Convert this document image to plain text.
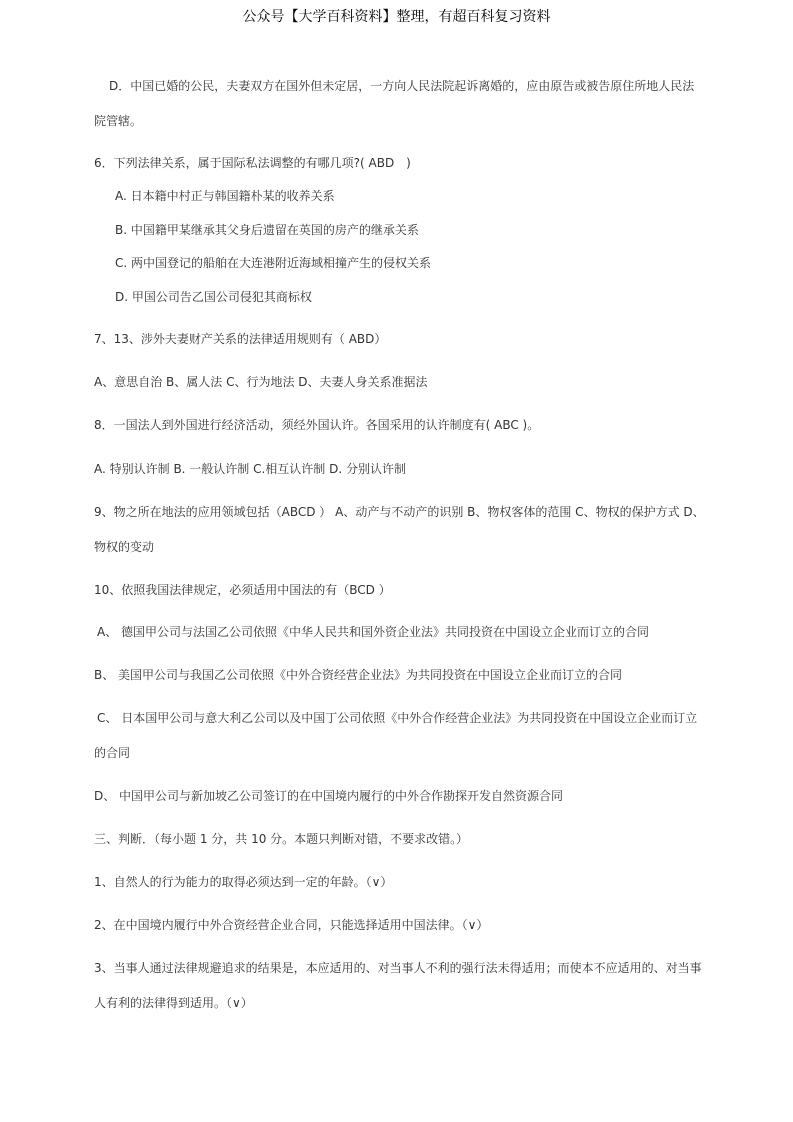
公众号【大学百科资料】整理，有超百科复习资料
D．中国已婚的公民，夫妻双方在国外但未定居，一方向人民法院起诉离婚的，应由原告或被告原住所地人民法
院管辖。
6．下列法律关系，属于国际私法调整的有哪几项?( ABD　)
A. 日本籍中村正与韩国籍朴某的收养关系
B. 中国籍甲某继承其父身后遗留在英国的房产的继承关系
C. 两中国登记的船舶在大连港附近海域相撞产生的侵权关系
D. 甲国公司告乙国公司侵犯其商标权
7、13、涉外夫妻财产关系的法律适用规则有（ ABD）
A、意思自治 B、属人法 C、行为地法 D、夫妻人身关系准据法
8．一国法人到外国进行经济活动，须经外国认许。各国采用的认许制度有( ABC )。
A. 特别认许制 B. 一般认许制 C.相互认许制 D. 分别认许制
9、物之所在地法的应用领域包括（ABCD ） A、动产与不动产的识别 B、物权客体的范围 C、物权的保护方式 D、
物权的变动
10、依照我国法律规定，必须适用中国法的有（BCD ）
A、 德国甲公司与法国乙公司依照《中华人民共和国外资企业法》共同投资在中国设立企业而订立的合同
B、 美国甲公司与我国乙公司依照《中外合资经营企业法》为共同投资在中国设立企业而订立的合同
C、 日本国甲公司与意大利乙公司以及中国丁公司依照《中外合作经营企业法》为共同投资在中国设立企业而订立
的合同
D、 中国甲公司与新加坡乙公司签订的在中国境内履行的中外合作勘探开发自然资源合同
三、判断．（每小题 1 分，共 10 分。本题只判断对错，不要求改错。）
1、自然人的行为能力的取得必须达到一定的年龄。（∨）
2、在中国境内履行中外合资经营企业合同，只能选择适用中国法律。（∨）
3、当事人通过法律规避追求的结果是，本应适用的、对当事人不利的强行法未得适用；而使本不应适用的、对当事
人有利的法律得到适用。（∨）
